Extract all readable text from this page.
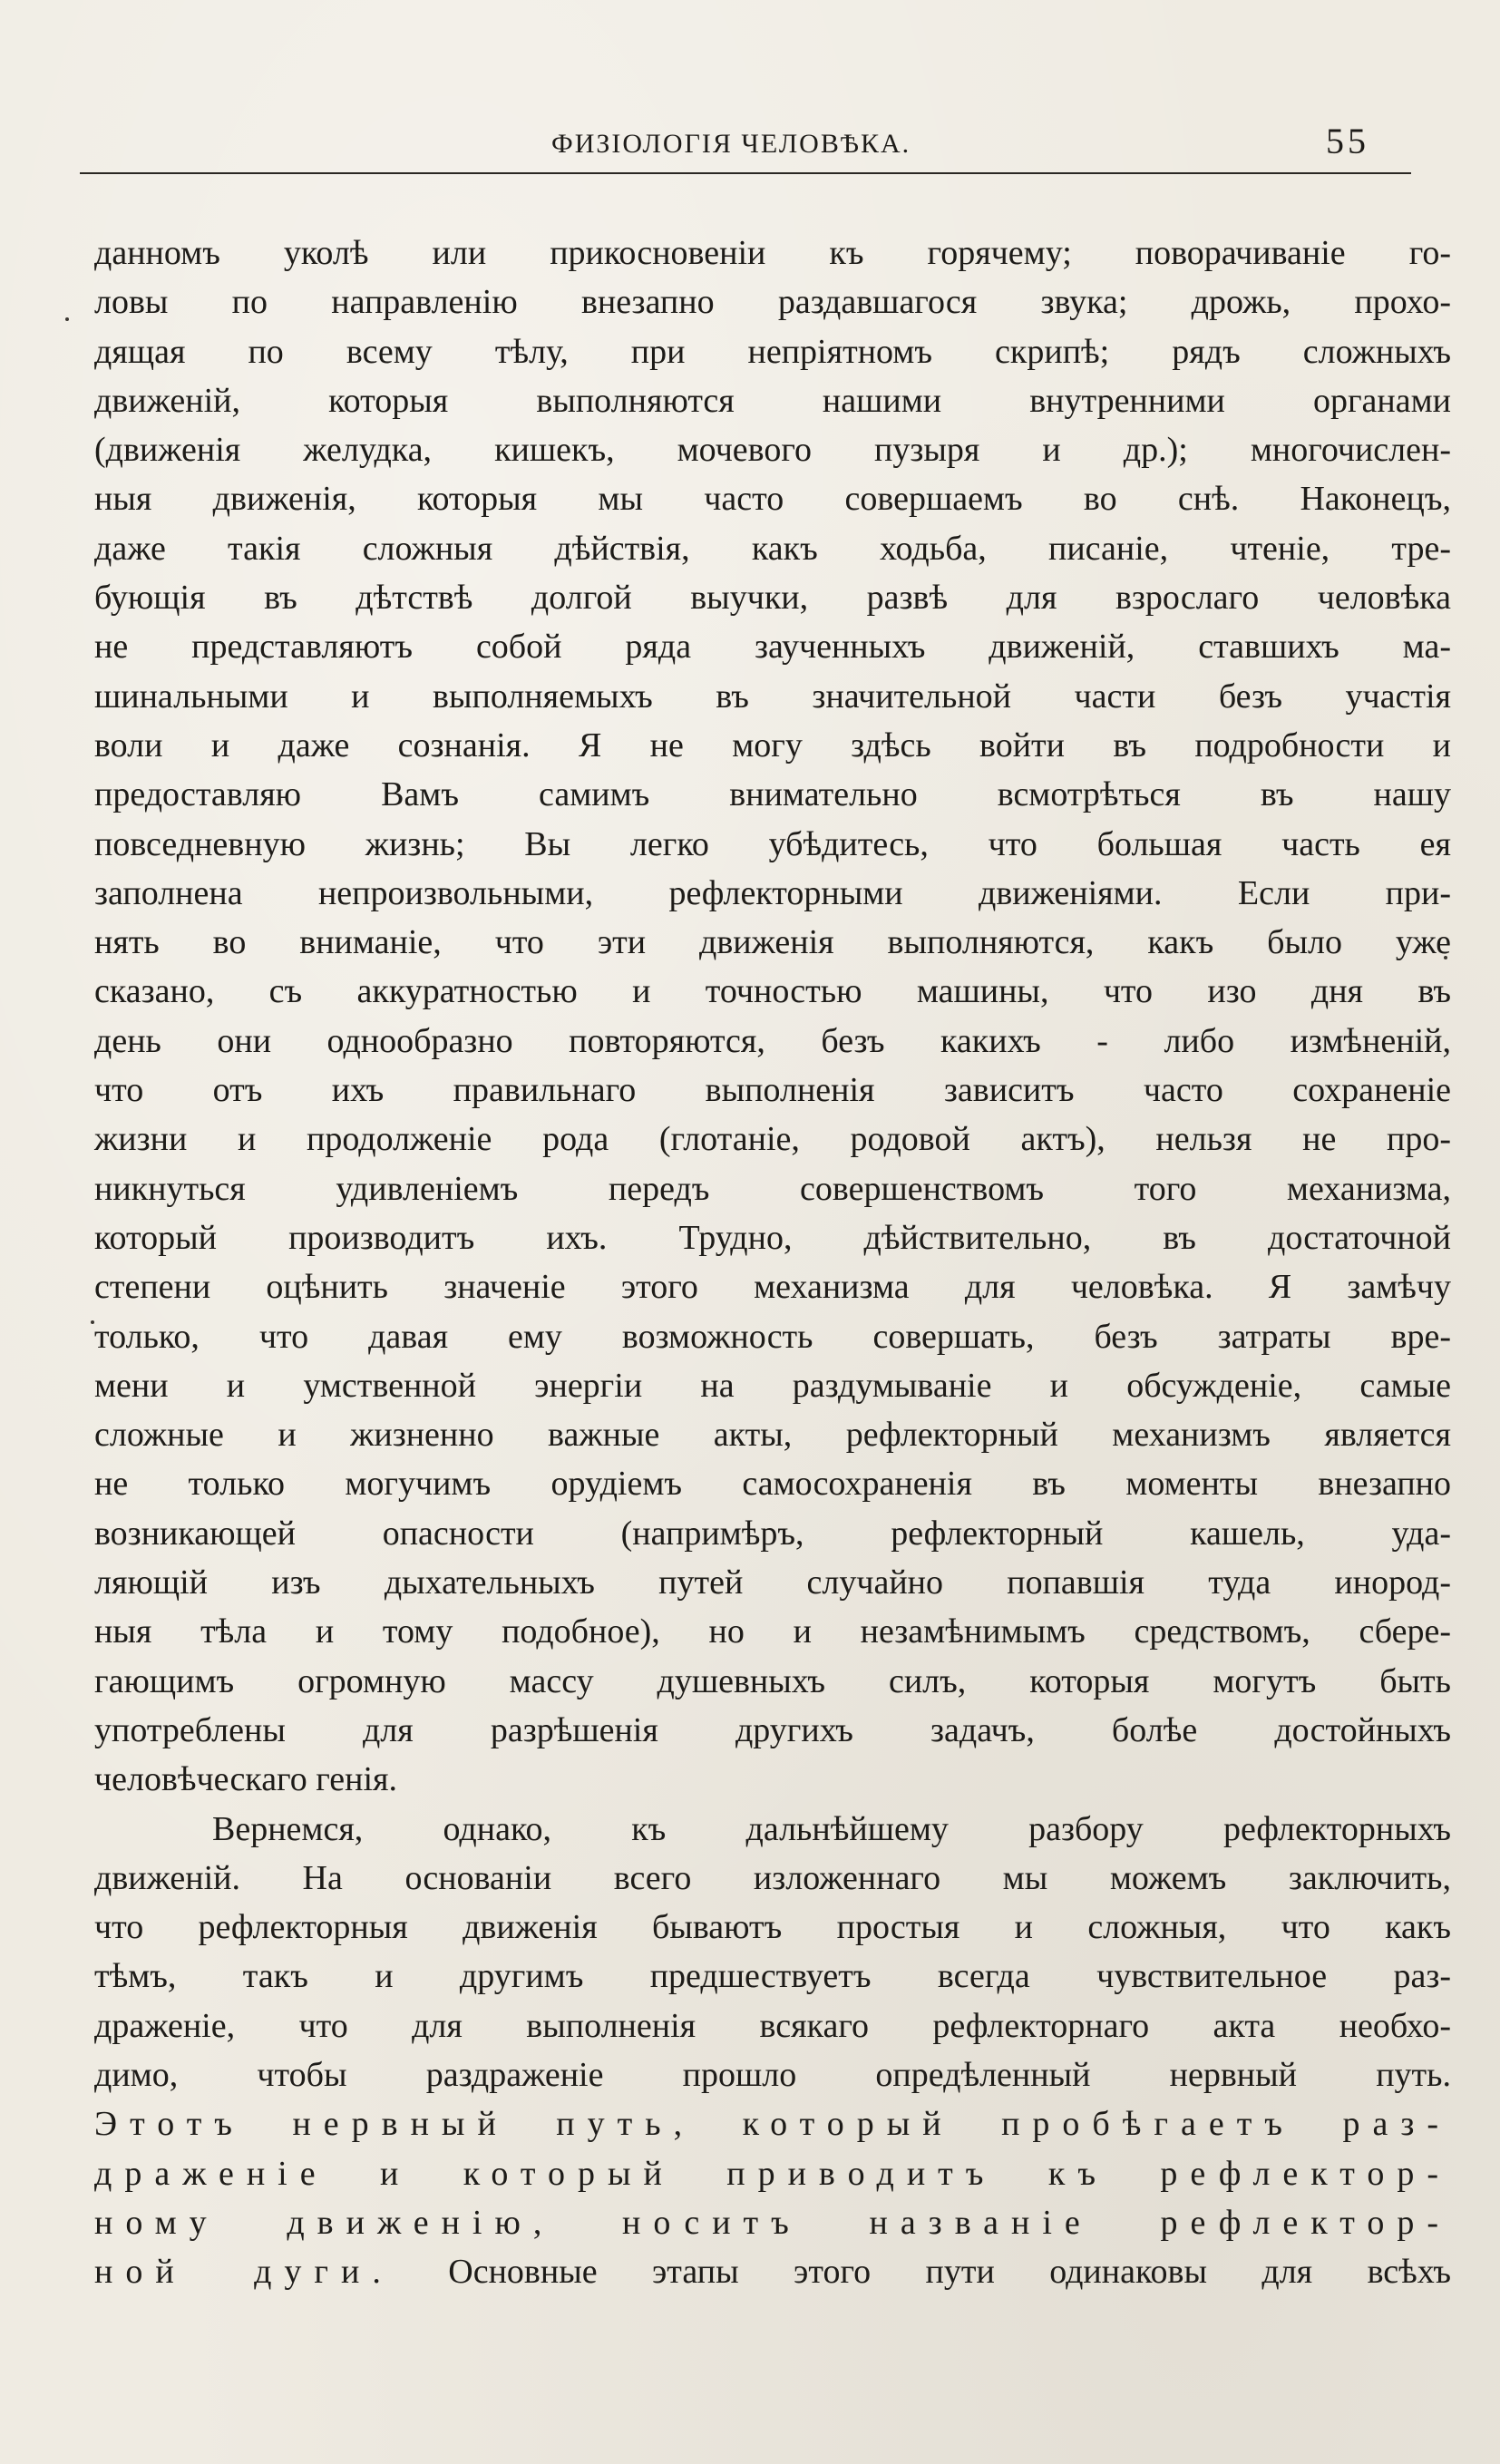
ФИЗІОЛОГІЯ ЧЕЛОВѢКА.	55
данномъ уколѣ или прикосновеніи къ горячему; поворачиваніе го-
ловы по направленію внезапно раздавшагося звука; дрожь, прохо-
дящая по всему тѣлу, при непріятномъ скрипѣ; рядъ сложныхъ
движеній, которыя выполняются нашими внутренними органами
(движенія желудка, кишекъ, мочевого пузыря и др.); многочислен-
ныя движенія, которыя мы часто совершаемъ во снѣ. Наконецъ,
даже такія сложныя дѣйствія, какъ ходьба, писаніе, чтеніе, тре-
бующія въ дѣтствѣ долгой выучки, развѣ для взрослаго человѣка
не представляютъ собой ряда заученныхъ движеній, ставшихъ ма-
шинальными и выполняемыхъ въ значительной части безъ участія
воли и даже сознанія. Я не могу здѣсь войти въ подробности и
предоставляю Вамъ самимъ внимательно всмотрѣться въ нашу
повседневную жизнь; Вы легко убѣдитесь, что большая часть ея
заполнена непроизвольными, рефлекторными движеніями. Если при-
нять во вниманіе, что эти движенія выполняются, какъ было уже
сказано, съ аккуратностью и точностью машины, что изо дня въ
день они однообразно повторяются, безъ какихъ - либо измѣненій,
что отъ ихъ правильнаго выполненія зависитъ часто сохраненіе
жизни и продолженіе рода (глотаніе, родовой актъ), нельзя не про-
никнуться удивленіемъ передъ совершенствомъ того механизма,
который производитъ ихъ. Трудно, дѣйствительно, въ достаточной
степени оцѣнить значеніе этого механизма для человѣка. Я замѣчу
только, что давая ему возможность совершать, безъ затраты вре-
мени и умственной энергіи на раздумываніе и обсужденіе, самые
сложные и жизненно важные акты, рефлекторный механизмъ является
не только могучимъ орудіемъ самосохраненія въ моменты внезапно
возникающей опасности (напримѣръ, рефлекторный кашель, уда-
ляющій изъ дыхательныхъ путей случайно попавшія туда инород-
ныя тѣла и тому подобное), но и незамѣнимымъ средствомъ, сбере-
гающимъ огромную массу душевныхъ силъ, которыя могутъ быть
употреблены для разрѣшенія другихъ задачъ, болѣе достойныхъ
человѣческаго генія.
Вернемся, однако, къ дальнѣйшему разбору рефлекторныхъ
движеній. На основаніи всего изложеннаго мы можемъ заключить,
что рефлекторныя движенія бываютъ простыя и сложныя, что какъ
тѣмъ, такъ и другимъ предшествуетъ всегда чувствительное раз-
драженіе, что для выполненія всякаго рефлекторнаго акта необхо-
димо, чтобы раздраженіе прошло опредѣленный нервный путь.
Этотъ нервный путь, который пробѣгаетъ раз-
драженіе и который приводитъ къ рефлектор-
ному движенію, носитъ названіе рефлектор-
ной дуги. Основные этапы этого пути одинаковы для всѣхъ
